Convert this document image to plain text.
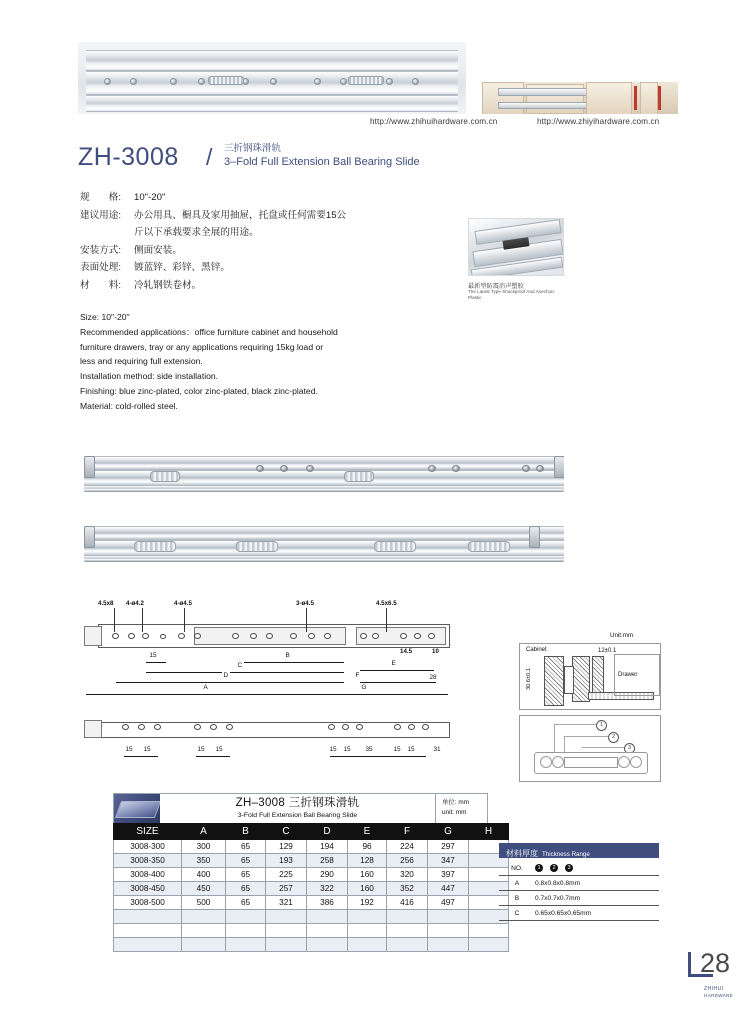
http://www.zhihuihardware.com.cn	http://www.zhiyihardware.com.cn
ZH-3008 / 三折钢珠滑轨
3–Fold Full Extension Ball Bearing Slide
规　　格: 10"-20"
建议用途: 办公用具、橱具及家用抽屉，托盘或任何需要15公
斤以下承载要求全展的用途。
安装方式: 侧面安装。
表面处理: 镀蓝锌、彩锌、黑锌。
材　　料: 冷轧钢铁卷材。
Size: 10"-20"
Recommended applications：office furniture cabinet and household
furniture drawers, tray or any applications requiring 15kg load or
less and requiring full extension.
Installation method: side installation.
Finishing: blue zinc-plated, color zinc-plated, black zinc-plated.
Material: cold-rolled steel.
最新型防震消声塑胶
The Latest Type Shockproof And Anechoic Plastic
4.5x8 4-ø4.2	4-ø4.5	3-ø4.5	4.5x6.5
15	B
C
D
A
14.5	10
E
F
G
28
15 15	15 15	15 15 35	15 15	31
Unit:mm
Cabinet
Drawer
12±0.1
30.6±0.1
1
2
3
ZH–3008 三折钢珠滑轨
3-Fold Full Extension Ball Bearing Slide
单位: mm
unit: mm
SIZE	A	B	C	D	E	F	G	H
3008-300	300	65	129	194	96	224	297	
3008-350	350	65	193	258	128	256	347	
3008-400	400	65	225	290	160	320	397	
3008-450	450	65	257	322	160	352	447	
3008-500	500	65	321	386	192	416	497	

材料厚度 Thickness Range
NO.	1 2 3
A	0.8x0.8x0.8mm
B	0.7x0.7x0.7mm
C	0.65x0.65x0.65mm
28
ZHIHUI
HARDWARE
